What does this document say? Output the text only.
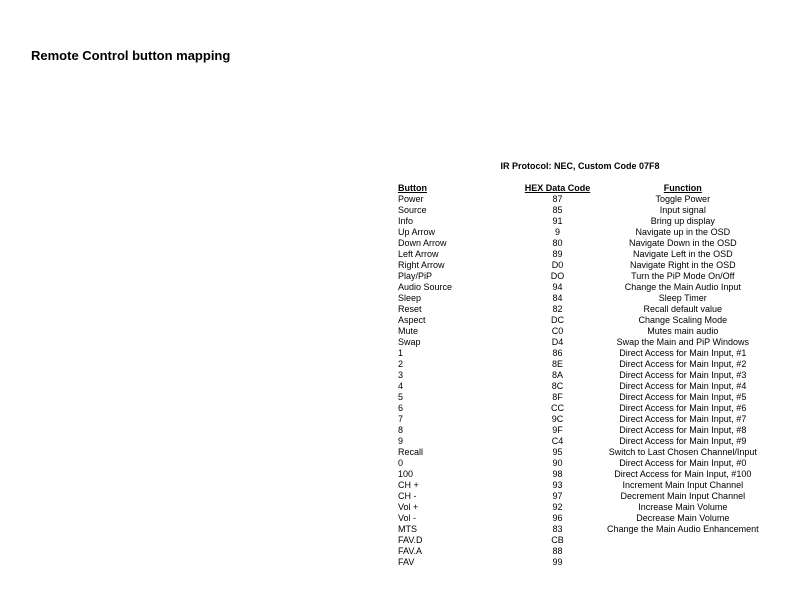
Remote Control button mapping
IR Protocol: NEC, Custom Code 07F8
Button	HEX Data Code	Function
Power	87	Toggle Power
Source	85	Input signal
Info	91	Bring up display
Up Arrow	9	Navigate up in the OSD
Down Arrow	80	Navigate Down in the OSD
Left Arrow	89	Navigate Left in the OSD
Right Arrow	D0	Navigate Right in the OSD
Play/PiP	DO	Turn the PiP Mode On/Off
Audio Source	94	Change the Main Audio Input
Sleep	84	Sleep Timer
Reset	82	Recall default value
Aspect	DC	Change Scaling Mode
Mute	C0	Mutes main audio
Swap	D4	Swap the Main and PiP Windows
1	86	Direct Access for Main Input, #1
2	8E	Direct Access for Main Input, #2
3	8A	Direct Access for Main Input, #3
4	8C	Direct Access for Main Input, #4
5	8F	Direct Access for Main Input, #5
6	CC	Direct Access for Main Input, #6
7	9C	Direct Access for Main Input, #7
8	9F	Direct Access for Main Input, #8
9	C4	Direct Access for Main Input, #9
Recall	95	Switch to Last Chosen Channel/Input
0	90	Direct Access for Main Input, #0
100	98	Direct Access for Main Input, #100
CH +	93	Increment Main Input Channel
CH -	97	Decrement Main Input Channel
Vol +	92	Increase Main Volume
Vol -	96	Decrease Main Volume
MTS	83	Change the Main Audio Enhancement
FAV.D	CB	
FAV.A	88	
FAV	99	
